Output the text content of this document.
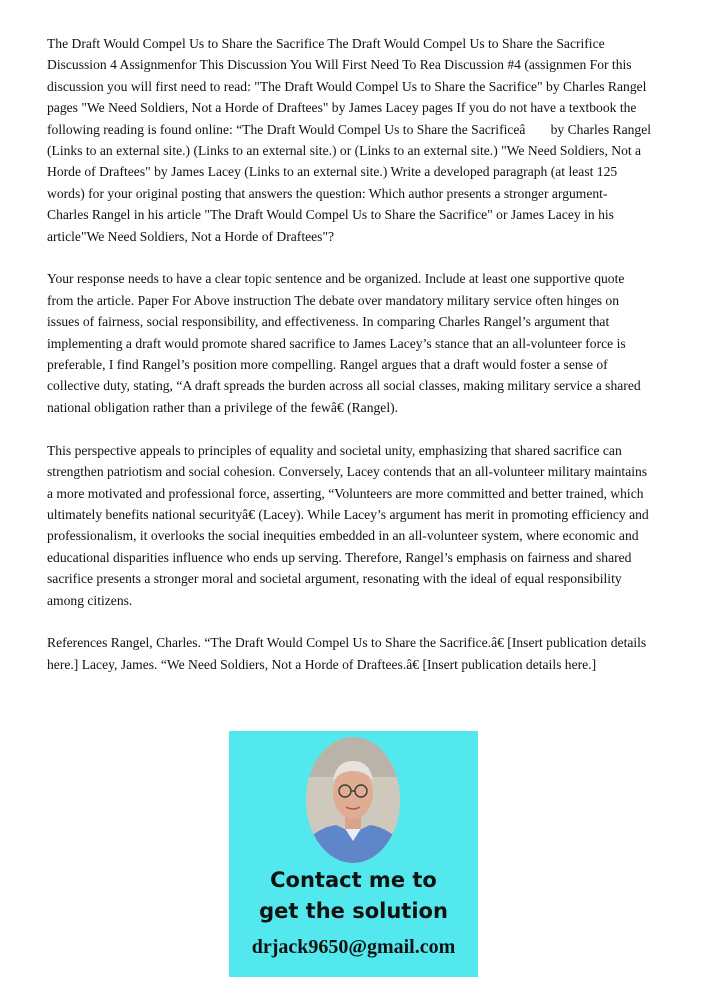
The Draft Would Compel Us to Share the Sacrifice The Draft Would Compel Us to Share the Sacrifice Discussion 4 Assignmenfor This Discussion You Will First Need To Rea Discussion #4 (assignmen For this discussion you will first need to read: "The Draft Would Compel Us to Share the Sacrifice" by Charles Rangel pages "We Need Soldiers, Not a Horde of Draftees" by James Lacey pages If you do not have a textbook the following reading is found online: “The Draft Would Compel Us to Share the Sacrificeâ by Charles Rangel (Links to an external site.) (Links to an external site.) or (Links to an external site.) "We Need Soldiers, Not a Horde of Draftees" by James Lacey (Links to an external site.) Write a developed paragraph (at least 125 words) for your original posting that answers the question: Which author presents a stronger argument- Charles Rangel in his article "The Draft Would Compel Us to Share the Sacrifice" or James Lacey in his article"We Need Soldiers, Not a Horde of Draftees"?

Your response needs to have a clear topic sentence and be organized. Include at least one supportive quote from the article. Paper For Above instruction The debate over mandatory military service often hinges on issues of fairness, social responsibility, and effectiveness. In comparing Charles Rangel’s argument that implementing a draft would promote shared sacrifice to James Lacey’s stance that an all-volunteer force is preferable, I find Rangel’s position more compelling. Rangel argues that a draft would foster a sense of collective duty, stating, “A draft spreads the burden across all social classes, making military service a shared national obligation rather than a privilege of the fewâ€ (Rangel).

This perspective appeals to principles of equality and societal unity, emphasizing that shared sacrifice can strengthen patriotism and social cohesion. Conversely, Lacey contends that an all-volunteer military maintains a more motivated and professional force, asserting, “Volunteers are more committed and better trained, which ultimately benefits national securityâ€ (Lacey). While Lacey’s argument has merit in promoting efficiency and professionalism, it overlooks the social inequities embedded in an all-volunteer system, where economic and educational disparities influence who ends up serving. Therefore, Rangel’s emphasis on fairness and shared sacrifice presents a stronger moral and societal argument, resonating with the ideal of equal responsibility among citizens.

References Rangel, Charles. “The Draft Would Compel Us to Share the Sacrifice.â€ [Insert publication details here.] Lacey, James. “We Need Soldiers, Not a Horde of Draftees.â€ [Insert publication details here.]

Contact me to
get the solution
drjack9650@gmail.com
